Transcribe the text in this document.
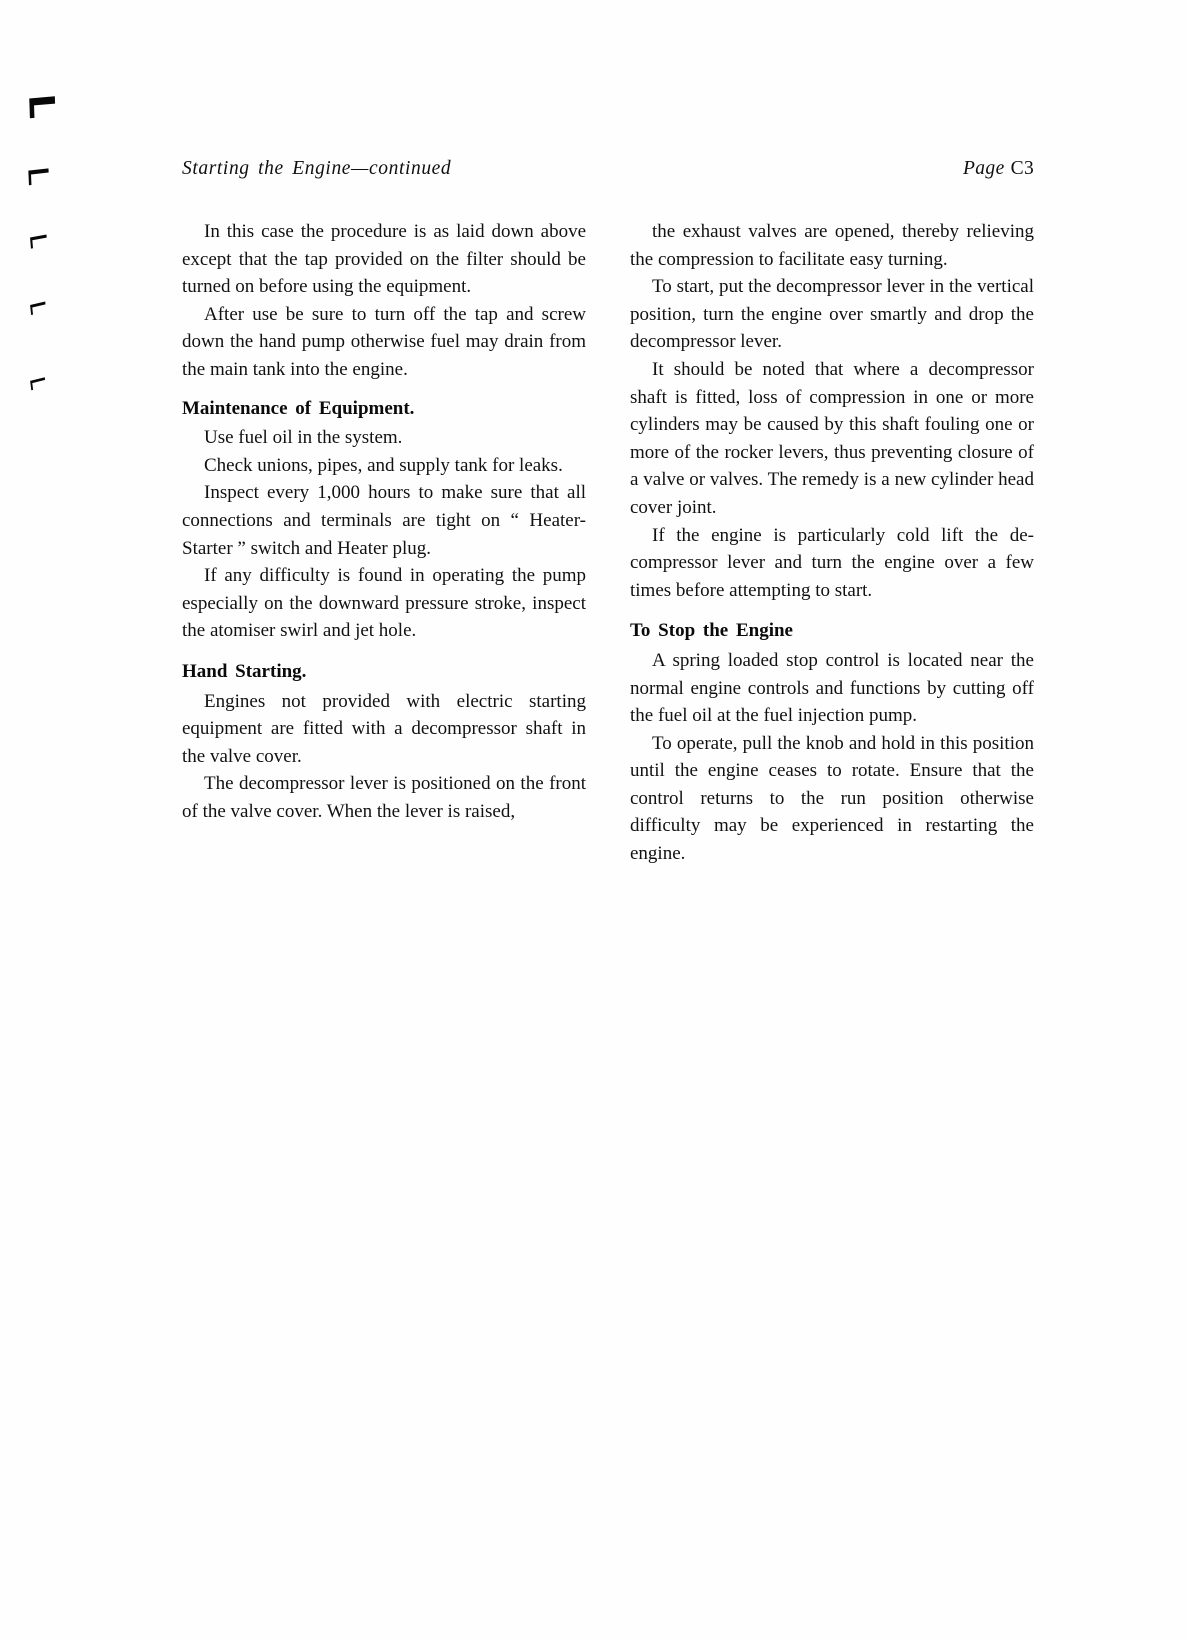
⌐
⌐
⌐
⌐
⌐
Starting the Engine—continued	Page C3

In this case the procedure is as laid down above except that the tap provided on the filter should be turned on before using the equipment.

After use be sure to turn off the tap and screw down the hand pump otherwise fuel may drain from the main tank into the engine.

Maintenance of Equipment.

Use fuel oil in the system.

Check unions, pipes, and supply tank for leaks.

Inspect every 1,000 hours to make sure that all connections and terminals are tight on “ Heater-Starter ” switch and Heater plug.

If any difficulty is found in operating the pump especially on the downward pressure stroke, inspect the atomiser swirl and jet hole.

Hand Starting.

Engines not provided with electric starting equipment are fitted with a decompressor shaft in the valve cover.

The decompressor lever is positioned on the front of the valve cover. When the lever is raised,

the exhaust valves are opened, thereby relieving the compression to facilitate easy turning.

To start, put the decompressor lever in the vertical position, turn the engine over smartly and drop the decompressor lever.

It should be noted that where a decompressor shaft is fitted, loss of compression in one or more cylinders may be caused by this shaft fouling one or more of the rocker levers, thus preventing closure of a valve or valves. The remedy is a new cylinder head cover joint.

If the engine is particularly cold lift the de-compressor lever and turn the engine over a few times before attempting to start.

To Stop the Engine

A spring loaded stop control is located near the normal engine controls and functions by cutting off the fuel oil at the fuel injection pump.

To operate, pull the knob and hold in this position until the engine ceases to rotate. Ensure that the control returns to the run position otherwise difficulty may be experienced in restarting the engine.
